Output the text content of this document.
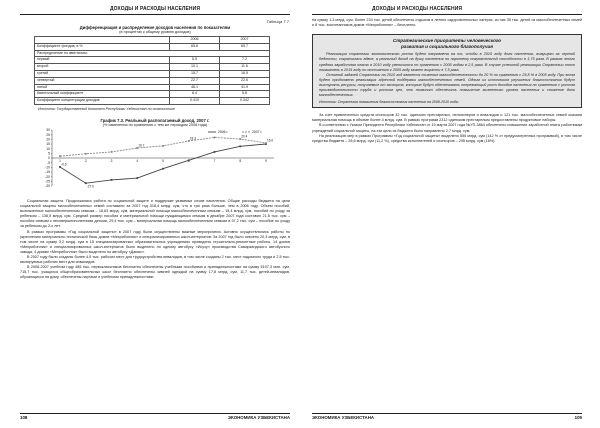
ДОХОДЫ И РАСХОДЫ НАСЕЛЕНИЯ
Таблица 7.7.
Дифференциация и распределение доходов населения по показателям
(в процентах к общему уровню доходов)
	2006	2007
Коэффициент фондов, в %	65.6	65.7
Распределение по квинтилям:		
первый	5.5	7.2
второй	10.1	11.6
третий	15.7	16.5
четвертый	22.7	22.6
пятый	46.1	41.9
Квинтильный коэффициент	8.4	5.8
Коэффициент концентрации доходов	0.410	0.342
Источник: Государственный Комитет Республики Узбекистан по статистике
График 7.3. Реальный располагаемый доход, 2007 г.
(% изменения по сравнению с тем же периодом 2006 года)
30
25
20
15
10
5
0
-5
-10
-15
-20
-25
-30
1	2	3	4	5	7	8	9
-9.6
-27.0
10.7
18.3	20.4
16.0
2006 г.	2007 г.

Социальная защита. Продолжалась работа по социальной защите и поддержке уязвимых слоев населения. Общие расходы бюджета на цели социальной защиты малообеспеченных семей составили за 2007 год 318,4 млрд. сум, что в три раза больше, чем в 2006 году. Объем пособий, выплаченных малообеспеченным семьям – 18,63 млрд. сум, материальной помощи малообеспеченным семьям – 15,4 млрд. сум, пособий по уходу за ребенком – 136,5 млрд. сум. Средний размер пособия и материальной помощи нуждающимся семьям в декабре 2007 года составил 21,5 тыс. сум – пособия семьям с несовершеннолетними детьми, 29,4 тыс. сум – материальная помощь малообеспеченным семьям и 37,2 тыс. сум – пособие по уходу за ребенком до 2-х лет.

В рамках программы «Год социальной защиты» в 2007 году были осуществлены важные мероприятия. Активно осуществлялись работы по укреплению материально-технической базы домов «Мехрибонлик» и специализированных школ-интернатов. За 2007 год было освоено 20,3 млрд. сум, в том числе на сумму 3,2 млрд. сум в 15 специализированных образовательных учреждениях проведены строительно-ремонтные работы, 14 домов «Мехрибонлик» и специализированных школ-интернатов было выделено по одному автобусу «Исузу» производства Самаркандского автобусного завода, 4 домам «Мехрибонлик» было выделено по автобусу «Дамас».

В 2007 году были созданы более 4,5 тыс. рабочих мест для трудоустройства инвалидов, в том числе созданы 2 тыс. мест надомного труда и 2,5 тыс. квотируемых рабочих мест для инвалидов.

В 2006-2007 учебном году 485 тыс. первоклассников бесплатно обеспечены учебными пособиями и принадлежностями на сумму 5197,3 млн. сум, 715,7 тыс. учащихся общеобразовательных школ бесплатно обеспечены зимней одеждой на сумму 17,8 млрд. сум, 11,7 тыс. детей-инвалидов, обучающихся на дому, обеспечены партами и учебными принадлежностями

108	ЭКОНОМИКА УЗБЕКИСТАНА
ДОХОДЫ И РАСХОДЫ НАСЕЛЕНИЯ

на сумму 1,3 млрд. сум, более 234 тыс. детей обеспечены отдыхом в летних оздоровительных лагерях, из них 35 тыс. детей из малообеспеченных семей и 8 тыс. воспитанников домов «Мехрибонлик» – бесплатно.

Стратегические приоритеты человеческого
развития и социального благополучия

Реализация стратегии экономического роста будет направлена на то, чтобы в 2015 году доля населения, живущего за чертой бедности, сократилась вдвое, а реальный доход на душу населения по паритету покупательной способности в 1,75 раза. В рамках этого средняя заработная плата в 2010 году увеличится по сравнению с 2005 годом в 2,5 раза. В случае успешной реализации Стратегии этот показатель в 2015 году по отношению к 2005 году может вырасти в 7,5 раза.

Основной задачей Стратегии на 2010 год является снижение малообеспеченности до 20 % по сравнению с 25,8 % в 2005 году. При этом будет продолжена реализация адресной поддержки малообеспеченных семей. Одним из источников улучшения благосостояния будут выступать ресурсы, получаемые от экспорта, которые будут обеспечивать опережающий рост доходов населения по сравнению с ростом производительности труда и ростом цен, что позволит обеспечить повышение жизненного уровня населения и снижение доли малообеспеченных.

Источник: Стратегия повышения благосостояния населения на 2008-2010 годы

За счет привлеченных средств спонсоров 32 тыс. одиноких престарелых, пенсионеров и инвалидов и 121 тыс. малообеспеченных семей оказана материальная помощь в объеме более 4 млрд. сум. В рамках программ 2312 одиноким престарелым предоставлены продуктовые наборы.

В соответствии с Указом Президента Республики Узбекистан от 19 марта 2007 года №УП-3864 обеспечено повышение заработной платы работникам учреждений социальной защиты, на эти цели из бюджета было направлено 2,7 млрд. сум.

На реализацию мер в рамках Программы «Год социальной защиты» выделено 555 млрд. сум (142 % от предусмотренных программой), в том числе средства бюджета – 28,6 млрд. сум (11,2 %), средства исполнителей и спонсоров – 295 млрд. сум (18%).

ЭКОНОМИКА УЗБЕКИСТАНА	109
